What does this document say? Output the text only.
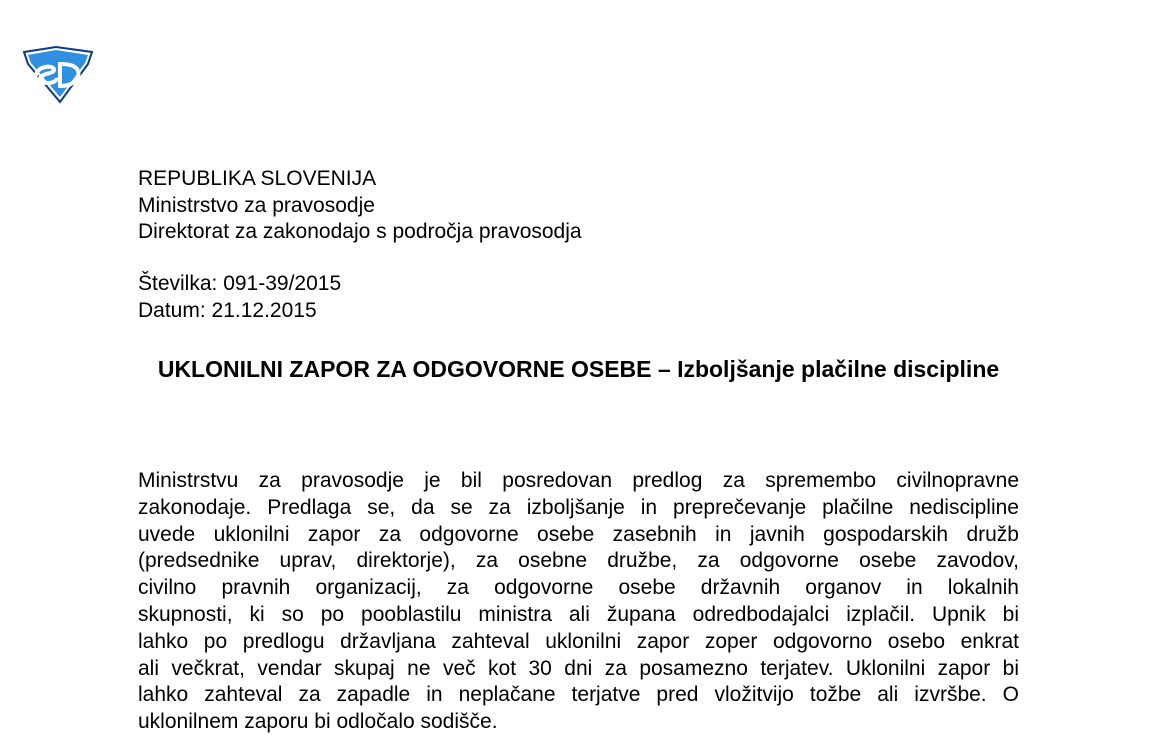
REPUBLIKA SLOVENIJA
Ministrstvo za pravosodje
Direktorat za zakonodajo s področja pravosodja
Številka: 091-39/2015
Datum: 21.12.2015
UKLONILNI ZAPOR ZA ODGOVORNE OSEBE – Izboljšanje plačilne discipline
Ministrstvu za pravosodje je bil posredovan predlog za spremembo civilnopravne
zakonodaje. Predlaga se, da se za izboljšanje in preprečevanje plačilne nediscipline
uvede uklonilni zapor za odgovorne osebe zasebnih in javnih gospodarskih družb
(predsednike uprav, direktorje), za osebne družbe, za odgovorne osebe zavodov,
civilno pravnih organizacij, za odgovorne osebe državnih organov in lokalnih
skupnosti, ki so po pooblastilu ministra ali župana odredbodajalci izplačil. Upnik bi
lahko po predlogu državljana zahteval uklonilni zapor zoper odgovorno osebo enkrat
ali večkrat, vendar skupaj ne več kot 30 dni za posamezno terjatev. Uklonilni zapor bi
lahko zahteval za zapadle in neplačane terjatve pred vložitvijo tožbe ali izvršbe. O
uklonilnem zaporu bi odločalo sodišče.
